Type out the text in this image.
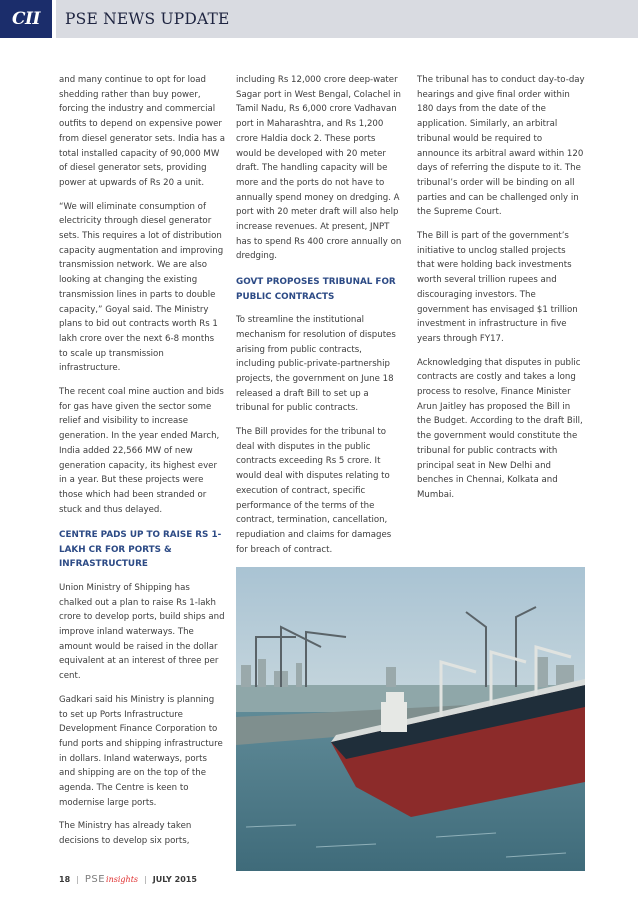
CII PSE NEWS UPDATE

and many continue to opt for load shedding rather than buy power, forcing the industry and commercial outfits to depend on expensive power from diesel generator sets. India has a total installed capacity of 90,000 MW of diesel generator sets, providing power at upwards of Rs 20 a unit.

“We will eliminate consumption of electricity through diesel generator sets. This requires a lot of distribution capacity augmentation and improving transmission network. We are also looking at changing the existing transmission lines in parts to double capacity,” Goyal said. The Ministry plans to bid out contracts worth Rs 1 lakh crore over the next 6-8 months to scale up transmission infrastructure.

The recent coal mine auction and bids for gas have given the sector some relief and visibility to increase generation. In the year ended March, India added 22,566 MW of new generation capacity, its highest ever in a year. But these projects were those which had been stranded or stuck and thus delayed.

CENTRE PADS UP TO RAISE RS 1-LAKH CR FOR PORTS & INFRASTRUCTURE

Union Ministry of Shipping has chalked out a plan to raise Rs 1-lakh crore to develop ports, build ships and improve inland waterways. The amount would be raised in the dollar equivalent at an interest of three per cent.

Gadkari said his Ministry is planning to set up Ports Infrastructure Development Finance Corporation to fund ports and shipping infrastructure in dollars. Inland waterways, ports and shipping are on the top of the agenda. The Centre is keen to modernise large ports.

The Ministry has already taken decisions to develop six ports,

including Rs 12,000 crore deep-water Sagar port in West Bengal, Colachel in Tamil Nadu, Rs 6,000 crore Vadhavan port in Maharashtra, and Rs 1,200 crore Haldia dock 2. These ports would be developed with 20 meter draft. The handling capacity will be more and the ports do not have to annually spend money on dredging. A port with 20 meter draft will also help increase revenues. At present, JNPT has to spend Rs 400 crore annually on dredging.

GOVT PROPOSES TRIBUNAL FOR PUBLIC CONTRACTS

To streamline the institutional mechanism for resolution of disputes arising from public contracts, including public-private-partnership projects, the government on June 18 released a draft Bill to set up a tribunal for public contracts.

The Bill provides for the tribunal to deal with disputes in the public contracts exceeding Rs 5 crore. It would deal with disputes relating to execution of contract, specific performance of the terms of the contract, termination, cancellation, repudiation and claims for damages for breach of contract.

The tribunal has to conduct day-to-day hearings and give final order within 180 days from the date of the application. Similarly, an arbitral tribunal would be required to announce its arbitral award within 120 days of referring the dispute to it. The tribunal’s order will be binding on all parties and can be challenged only in the Supreme Court.

The Bill is part of the government’s initiative to unclog stalled projects that were holding back investments worth several trillion rupees and discouraging investors. The government has envisaged $1 trillion investment in infrastructure in five years through FY17.

Acknowledging that disputes in public contracts are costly and takes a long process to resolve, Finance Minister Arun Jaitley has proposed the Bill in the Budget. According to the draft Bill, the government would constitute the tribunal for public contracts with principal seat in New Delhi and benches in Chennai, Kolkata and Mumbai.

18 | PSE insights | JULY 2015
